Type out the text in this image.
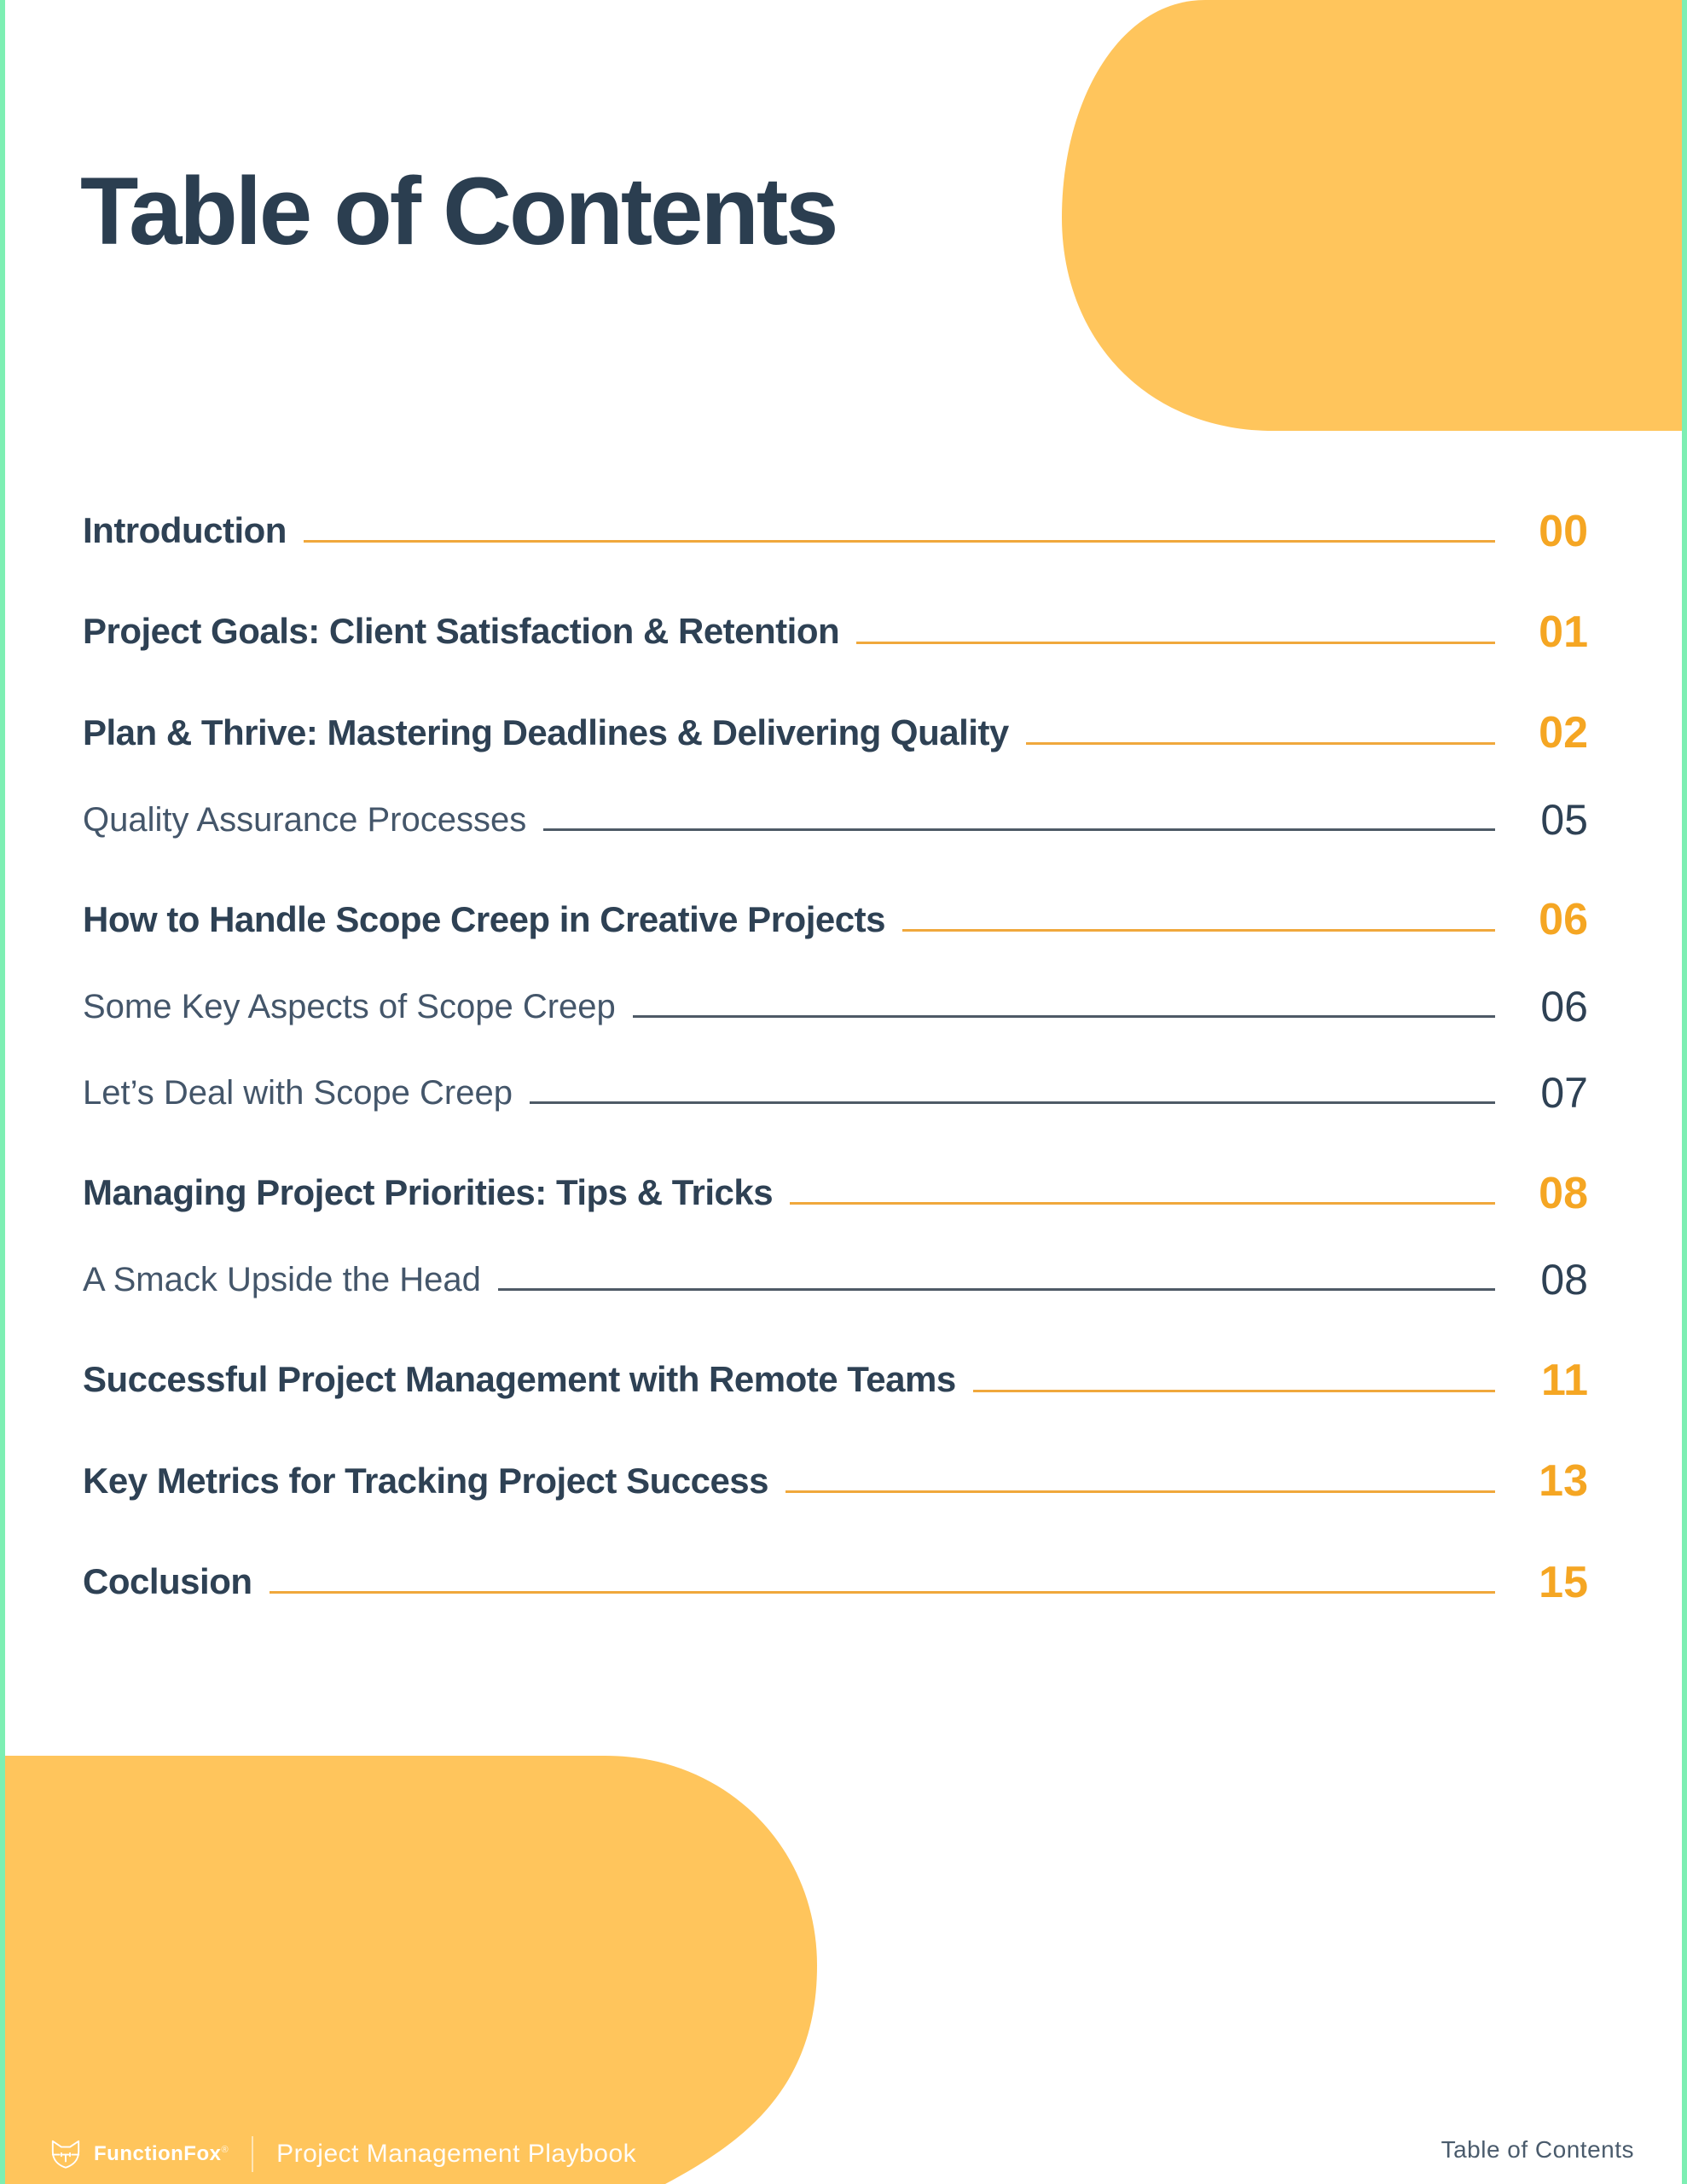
Table of Contents
Introduction	00
Project Goals: Client Satisfaction & Retention	01
Plan & Thrive: Mastering Deadlines & Delivering Quality	02
Quality Assurance Processes	05
How to Handle Scope Creep in Creative Projects	06
Some Key Aspects of Scope Creep	06
Let’s Deal with Scope Creep	07
Managing Project Priorities: Tips & Tricks	08
A Smack Upside the Head	08
Successful Project Management with Remote Teams	11
Key Metrics for Tracking Project Success	13
Coclusion	15
FunctionFox® Project Management Playbook	Table of Contents
